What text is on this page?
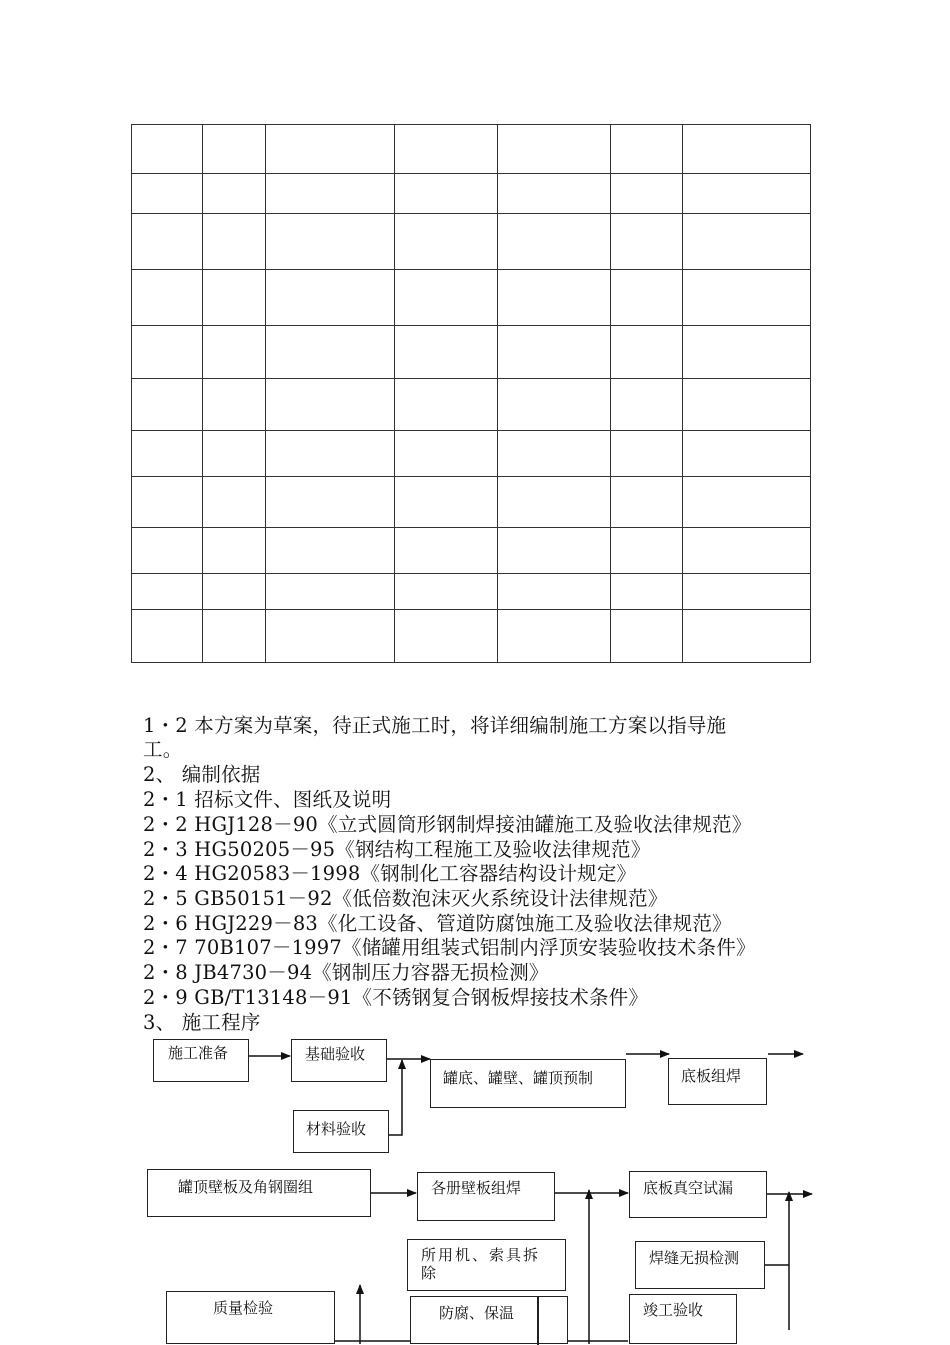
1・2 本方案为草案，待正式施工时，将详细编制施工方案以指导施
工。
2、 编制依据
2・1 招标文件、图纸及说明
2・2 HGJ128－90《立式圆筒形钢制焊接油罐施工及验收法律规范》
2・3 HG50205－95《钢结构工程施工及验收法律规范》
2・4 HG20583－1998《钢制化工容器结构设计规定》
2・5 GB50151－92《低倍数泡沫灭火系统设计法律规范》
2・6 HGJ229－83《化工设备、管道防腐蚀施工及验收法律规范》
2・7 70B107－1997《储罐用组装式铝制内浮顶安装验收技术条件》
2・8 JB4730－94《钢制压力容器无损检测》
2・9 GB/T13148－91《不锈钢复合钢板焊接技术条件》
3、 施工程序
施工准备	基础验收
罐底、罐壁、罐顶预制	底板组焊
材料验收
罐顶壁板及角钢圈组	各册壁板组焊	底板真空试漏
所用机、索具拆
除
焊缝无损检测
质量检验	防腐、保温	竣工验收
